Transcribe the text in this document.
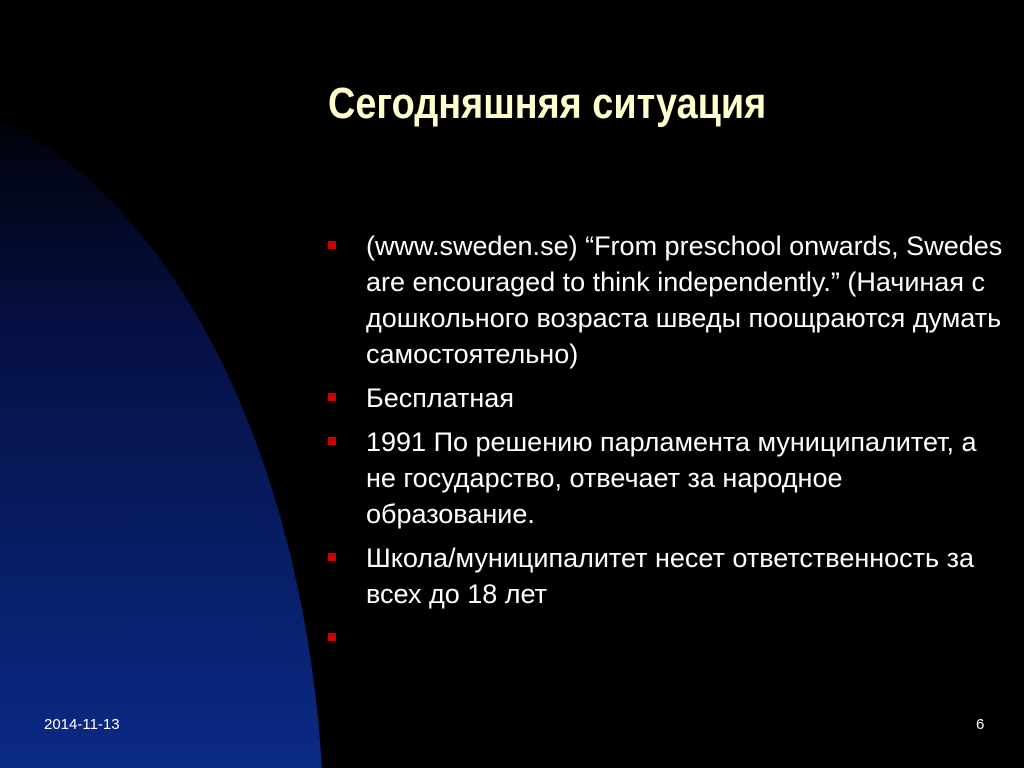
Сегодняшняя ситуация
(www.sweden.se) “From preschool onwards, Swedes are encouraged to think independently.” (Начиная с дошкольного возраста шведы поощраются думать самостоятельно)
Бесплатная
1991 По решению парламента муниципалитет, а не государство, отвечает за народное образование.
Школа/муниципалитет несет ответственность за всех до 18 лет
2014-11-13	6
